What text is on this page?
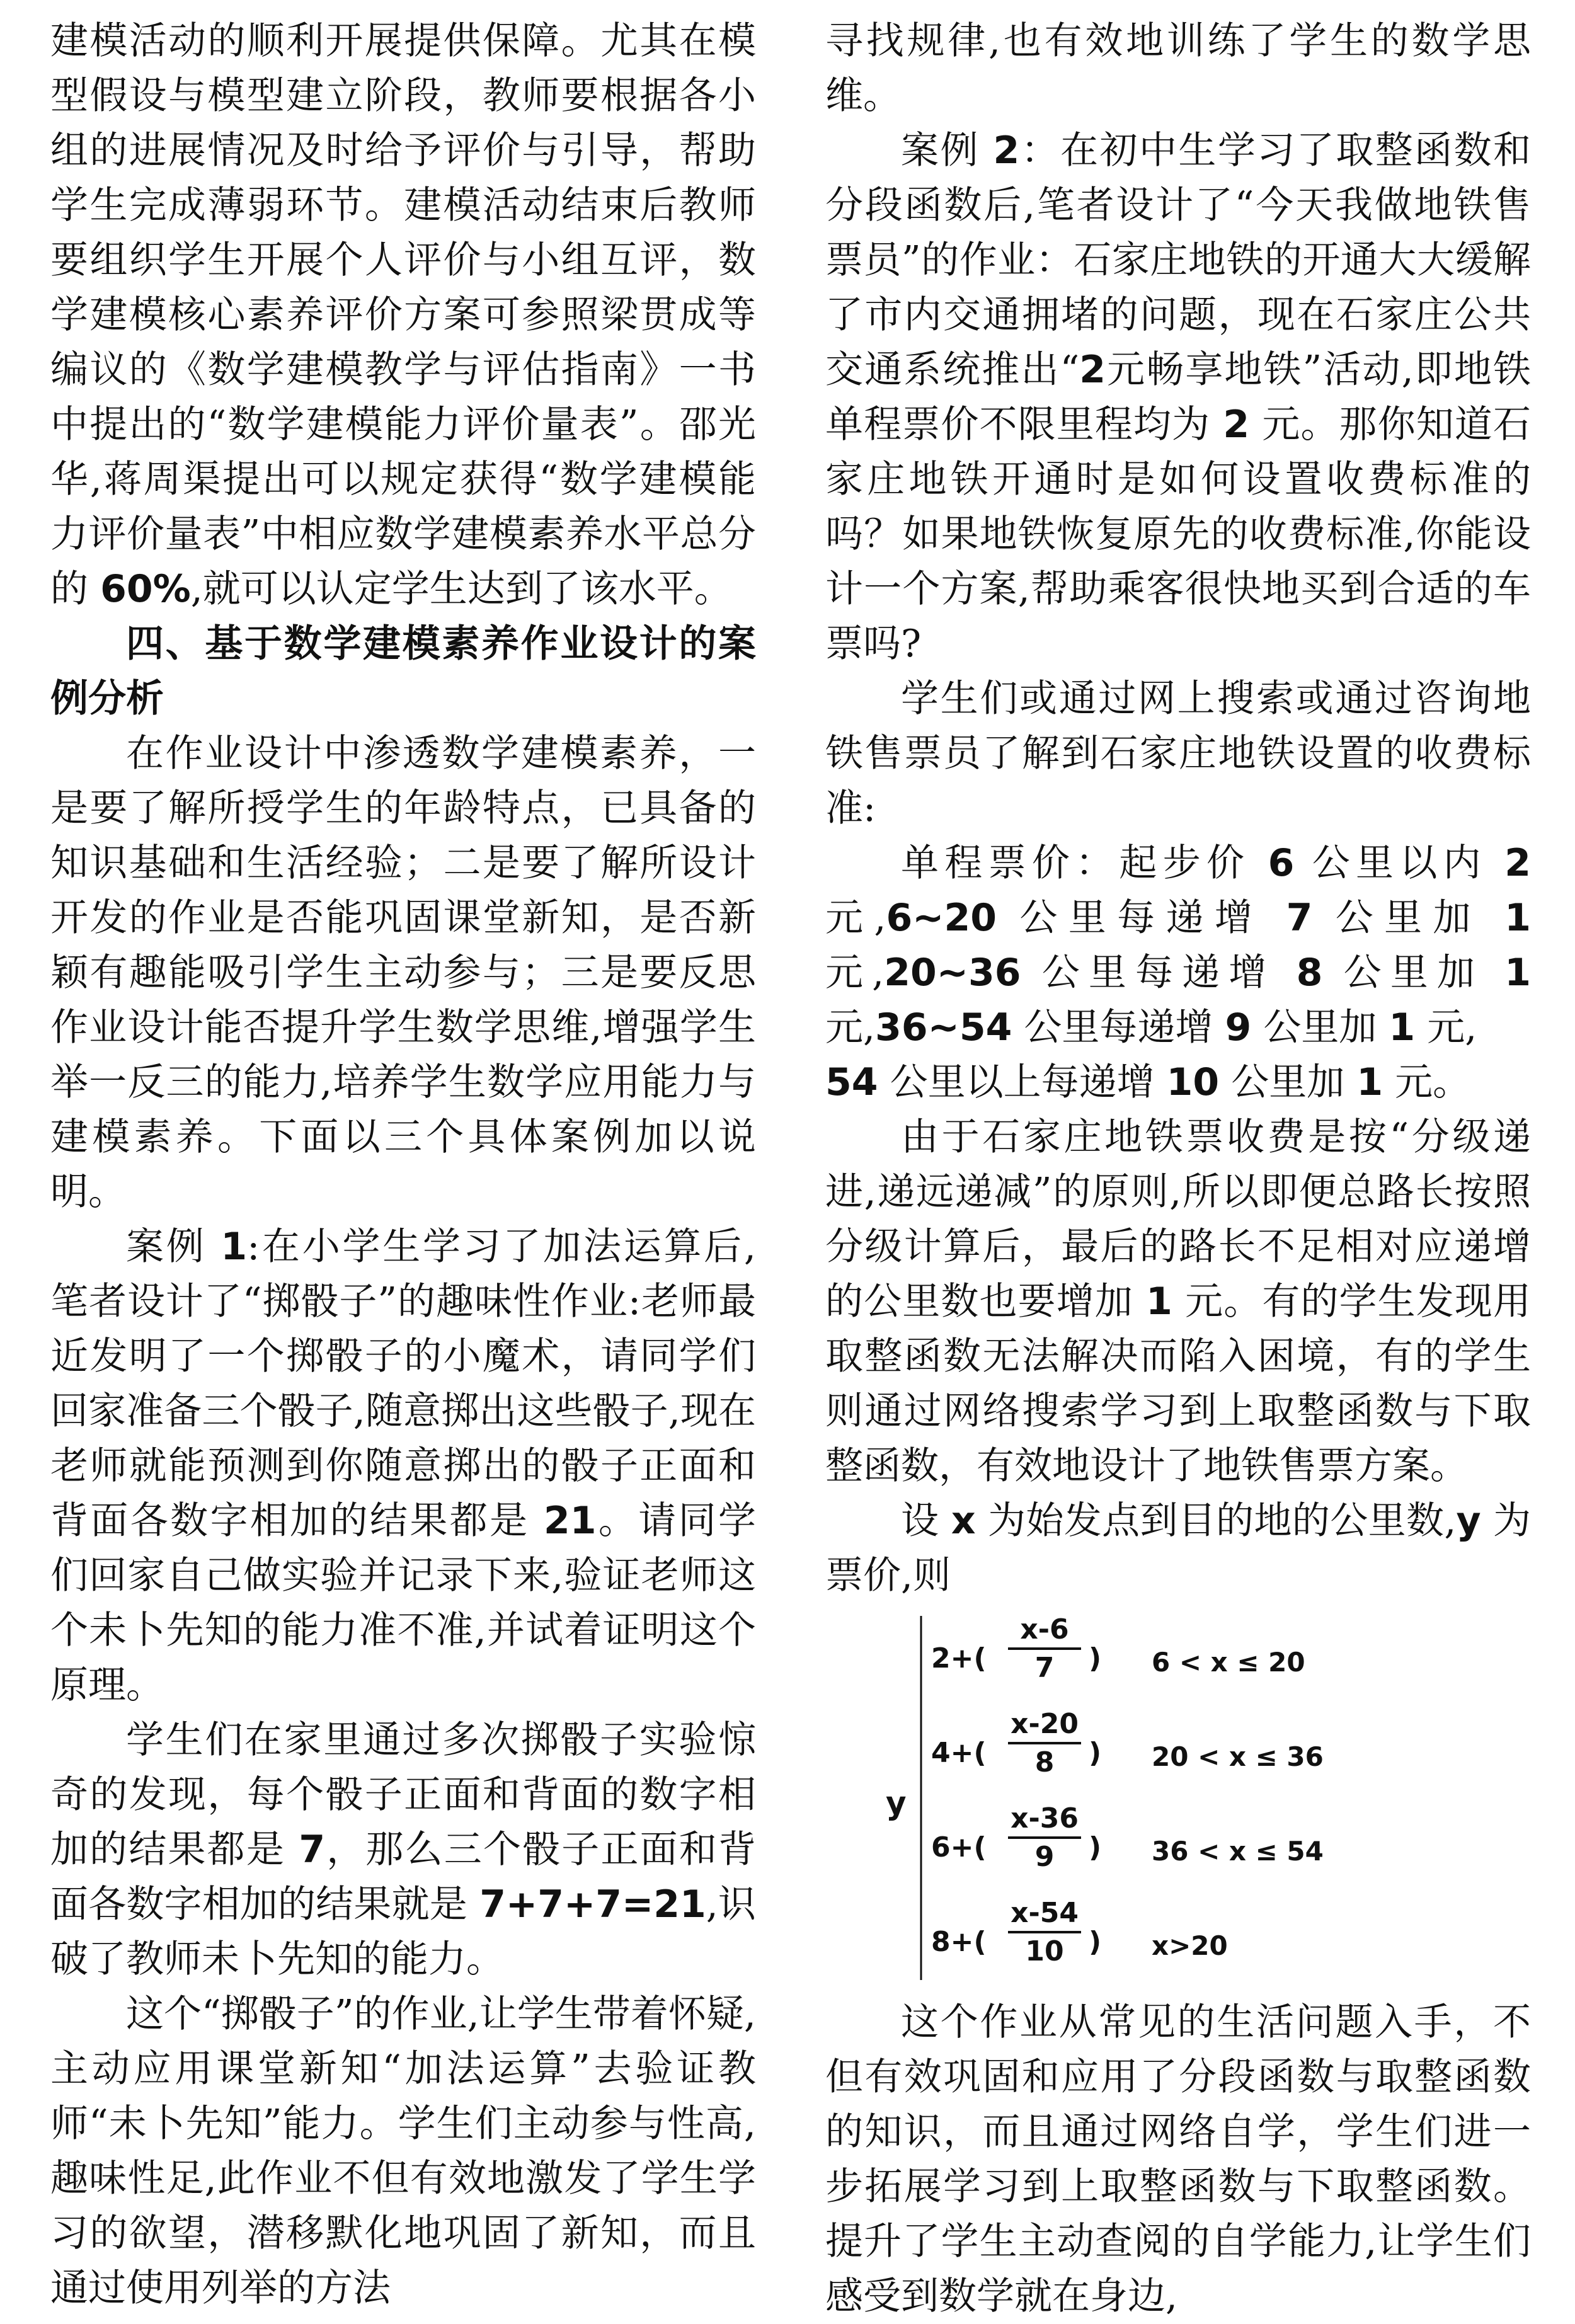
建模活动的顺利开展提供保障。尤其在模型假设与模型建立阶段，教师要根据各小组的进展情况及时给予评价与引导，帮助学生完成薄弱环节。建模活动结束后教师要组织学生开展个人评价与小组互评，数学建模核心素养评价方案可参照梁贯成等编议的《数学建模教学与评估指南》一书中提出的“数学建模能力评价量表”。邵光华,蒋周渠提出可以规定获得“数学建模能力评价量表”中相应数学建模素养水平总分的 60%,就可以认定学生达到了该水平。

四、基于数学建模素养作业设计的案例分析

在作业设计中渗透数学建模素养，一是要了解所授学生的年龄特点，已具备的知识基础和生活经验；二是要了解所设计开发的作业是否能巩固课堂新知，是否新颖有趣能吸引学生主动参与；三是要反思作业设计能否提升学生数学思维,增强学生举一反三的能力,培养学生数学应用能力与建模素养。下面以三个具体案例加以说明。

案例 1:在小学生学习了加法运算后,笔者设计了“掷骰子”的趣味性作业:老师最近发明了一个掷骰子的小魔术，请同学们回家准备三个骰子,随意掷出这些骰子,现在老师就能预测到你随意掷出的骰子正面和背面各数字相加的结果都是 21。请同学们回家自己做实验并记录下来,验证老师这个未卜先知的能力准不准,并试着证明这个原理。

学生们在家里通过多次掷骰子实验惊奇的发现，每个骰子正面和背面的数字相加的结果都是 7，那么三个骰子正面和背面各数字相加的结果就是 7+7+7=21,识破了教师未卜先知的能力。

这个“掷骰子”的作业,让学生带着怀疑,主动应用课堂新知“加法运算”去验证教师“未卜先知”能力。学生们主动参与性高,趣味性足,此作业不但有效地激发了学生学习的欲望，潜移默化地巩固了新知，而且通过使用列举的方法

寻找规律,也有效地训练了学生的数学思维。

案例 2：在初中生学习了取整函数和分段函数后,笔者设计了“今天我做地铁售票员”的作业：石家庄地铁的开通大大缓解了市内交通拥堵的问题，现在石家庄公共交通系统推出“2元畅享地铁”活动,即地铁单程票价不限里程均为 2 元。那你知道石家庄地铁开通时是如何设置收费标准的吗？如果地铁恢复原先的收费标准,你能设计一个方案,帮助乘客很快地买到合适的车票吗?

学生们或通过网上搜索或通过咨询地铁售票员了解到石家庄地铁设置的收费标准:

单程票价：起步价 6 公里以内 2 元,6~20 公里每递增 7 公里加 1 元,20~36 公里每递增 8 公里加 1 元,36~54 公里每递增 9 公里加 1 元,
54 公里以上每递增 10 公里加 1 元。

由于石家庄地铁票收费是按“分级递进,递远递减”的原则,所以即便总路长按照分级计算后，最后的路长不足相对应递增的公里数也要增加 1 元。有的学生发现用取整函数无法解决而陷入困境，有的学生则通过网络搜索学习到上取整函数与下取整函数，有效地设计了地铁售票方案。

设 x 为始发点到目的地的公里数,y 为票价,则

y
$2+( \frac{x-6}{7}$ ) 6 < x ≤ 20
$4+( \frac{x-20}{8}$ ) 20 < x ≤ 36
$6+( \frac{x-36}{9}$ ) 36 < x ≤ 54
$8+( \frac{x-54}{10}$ ) x>20

这个作业从常见的生活问题入手，不但有效巩固和应用了分段函数与取整函数的知识，而且通过网络自学，学生们进一步拓展学习到上取整函数与下取整函数。提升了学生主动查阅的自学能力,让学生们感受到数学就在身边,
